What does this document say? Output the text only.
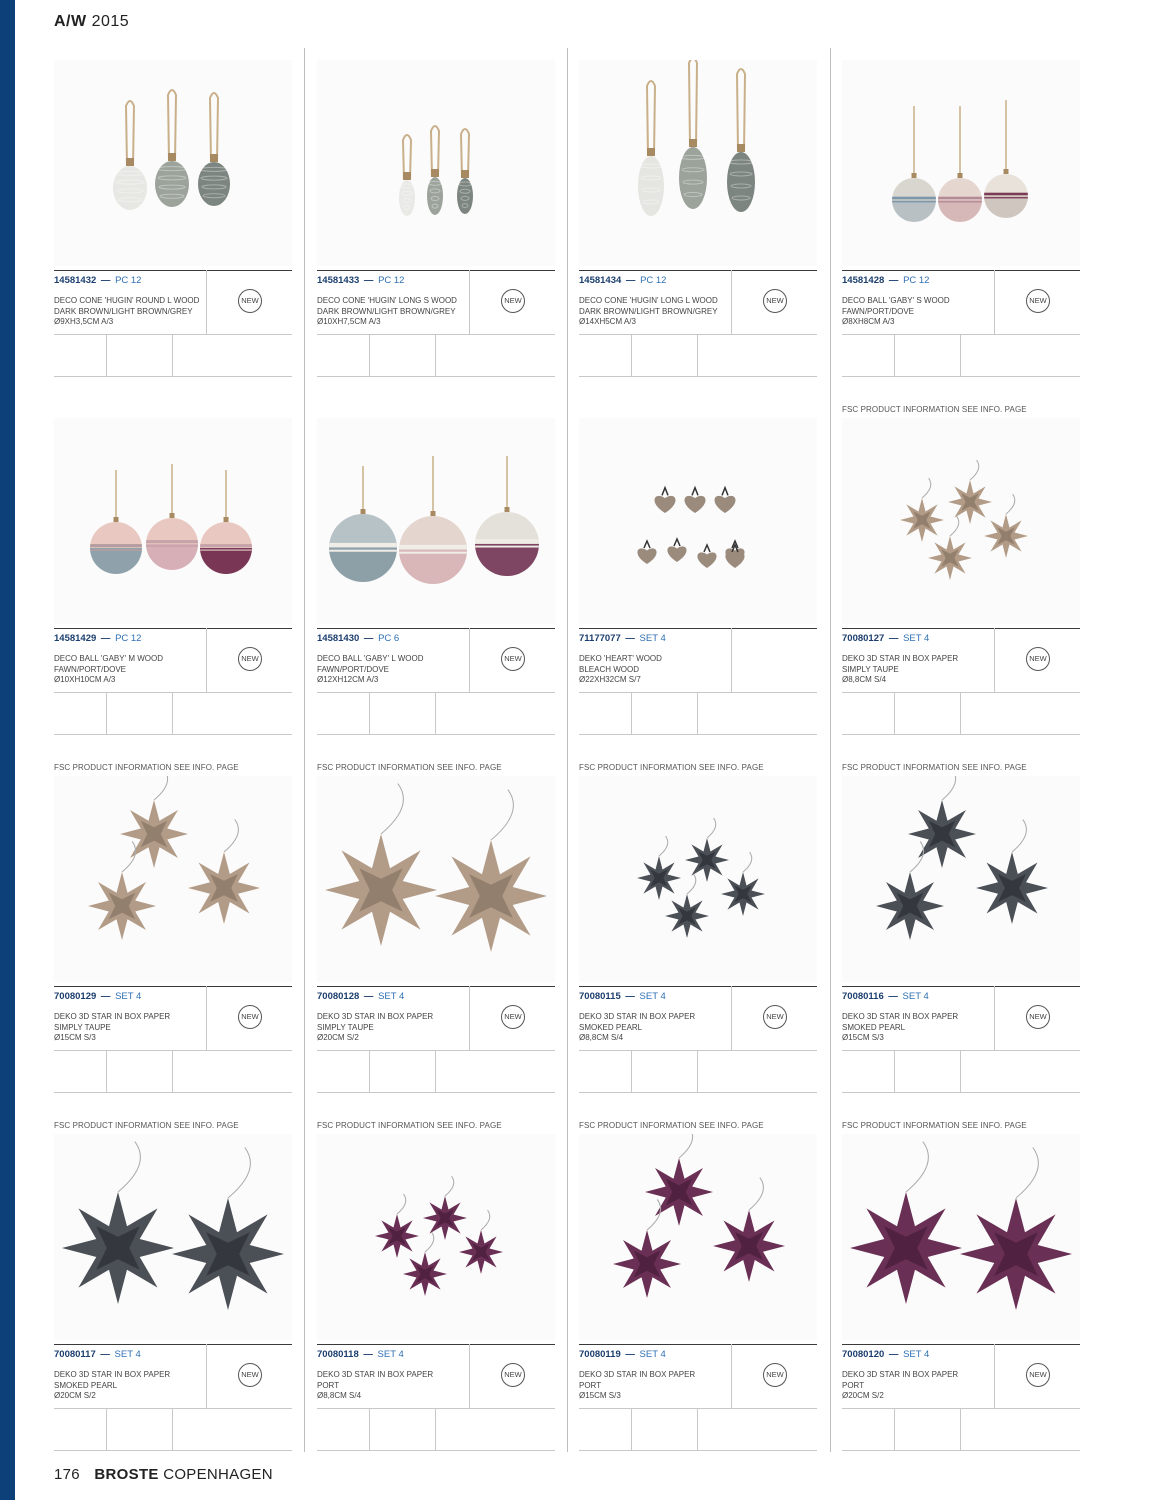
A/W 2015
14581432 — PC 12
DECO CONE 'HUGIN' ROUND L WOOD
DARK BROWN/LIGHT BROWN/GREY
Ø9XH3,5CM A/3
NEW
14581433 — PC 12
DECO CONE 'HUGIN' LONG S WOOD
DARK BROWN/LIGHT BROWN/GREY
Ø10XH7,5CM A/3
NEW
14581434 — PC 12
DECO CONE 'HUGIN' LONG L WOOD
DARK BROWN/LIGHT BROWN/GREY
Ø14XH5CM A/3
NEW
14581428 — PC 12
DECO BALL 'GABY' S WOOD
FAWN/PORT/DOVE
Ø8XH8CM A/3
NEW
14581429 — PC 12
DECO BALL 'GABY' M WOOD
FAWN/PORT/DOVE
Ø10XH10CM A/3
NEW
14581430 — PC 6
DECO BALL 'GABY' L WOOD
FAWN/PORT/DOVE
Ø12XH12CM A/3
NEW
71177077 — SET 4
DEKO 'HEART' WOOD
BLEACH WOOD
Ø22XH32CM S/7
FSC PRODUCT INFORMATION SEE INFO. PAGE
70080127 — SET 4
DEKO 3D STAR IN BOX PAPER
SIMPLY TAUPE
Ø8,8CM S/4
NEW
FSC PRODUCT INFORMATION SEE INFO. PAGE
70080129 — SET 4
DEKO 3D STAR IN BOX PAPER
SIMPLY TAUPE
Ø15CM S/3
NEW
FSC PRODUCT INFORMATION SEE INFO. PAGE
70080128 — SET 4
DEKO 3D STAR IN BOX PAPER
SIMPLY TAUPE
Ø20CM S/2
NEW
FSC PRODUCT INFORMATION SEE INFO. PAGE
70080115 — SET 4
DEKO 3D STAR IN BOX PAPER
SMOKED PEARL
Ø8,8CM S/4
NEW
FSC PRODUCT INFORMATION SEE INFO. PAGE
70080116 — SET 4
DEKO 3D STAR IN BOX PAPER
SMOKED PEARL
Ø15CM S/3
NEW
FSC PRODUCT INFORMATION SEE INFO. PAGE
70080117 — SET 4
DEKO 3D STAR IN BOX PAPER
SMOKED PEARL
Ø20CM S/2
NEW
FSC PRODUCT INFORMATION SEE INFO. PAGE
70080118 — SET 4
DEKO 3D STAR IN BOX PAPER
PORT
Ø8,8CM S/4
NEW
FSC PRODUCT INFORMATION SEE INFO. PAGE
70080119 — SET 4
DEKO 3D STAR IN BOX PAPER
PORT
Ø15CM S/3
NEW
FSC PRODUCT INFORMATION SEE INFO. PAGE
70080120 — SET 4
DEKO 3D STAR IN BOX PAPER
PORT
Ø20CM S/2
NEW
176 BROSTE COPENHAGEN
